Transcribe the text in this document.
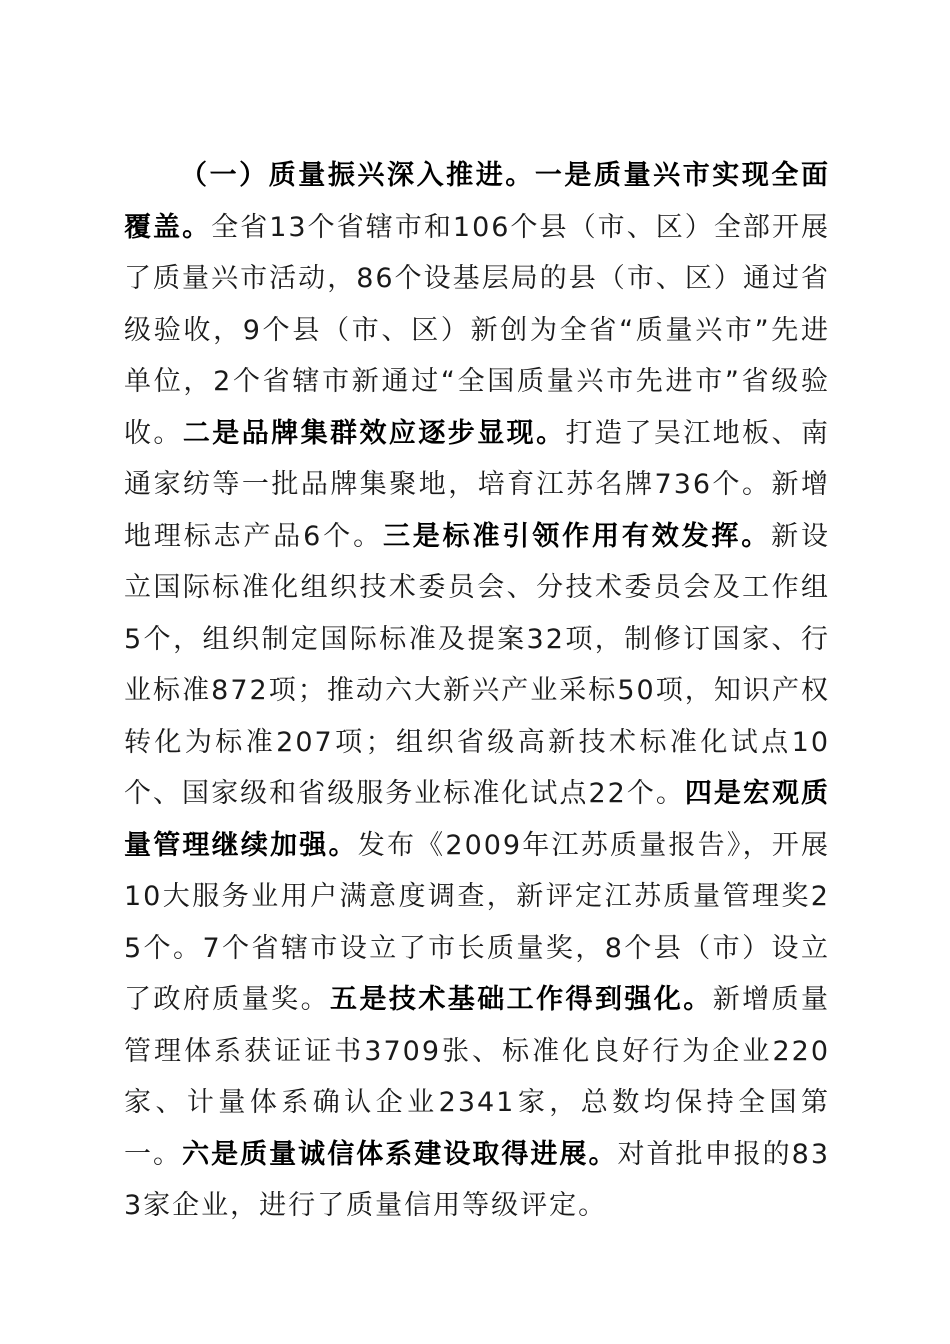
（一）质量振兴深入推进。一是质量兴市实现全面覆盖。全省13个省辖市和106个县（市、区）全部开展了质量兴市活动，86个设基层局的县（市、区）通过省级验收，9个县（市、区）新创为全省“质量兴市”先进单位，2个省辖市新通过“全国质量兴市先进市”省级验收。二是品牌集群效应逐步显现。打造了吴江地板、南通家纺等一批品牌集聚地，培育江苏名牌736个。新增地理标志产品6个。三是标准引领作用有效发挥。新设立国际标准化组织技术委员会、分技术委员会及工作组5个，组织制定国际标准及提案32项，制修订国家、行业标准872项；推动六大新兴产业采标50项，知识产权转化为标准207项；组织省级高新技术标准化试点10个、国家级和省级服务业标准化试点22个。四是宏观质量管理继续加强。发布《2009年江苏质量报告》，开展10大服务业用户满意度调查，新评定江苏质量管理奖25个。7个省辖市设立了市长质量奖，8个县（市）设立了政府质量奖。五是技术基础工作得到强化。新增质量管理体系获证证书3709张、标准化良好行为企业220家、计量体系确认企业2341家，总数均保持全国第一。六是质量诚信体系建设取得进展。对首批申报的833家企业，进行了质量信用等级评定。
